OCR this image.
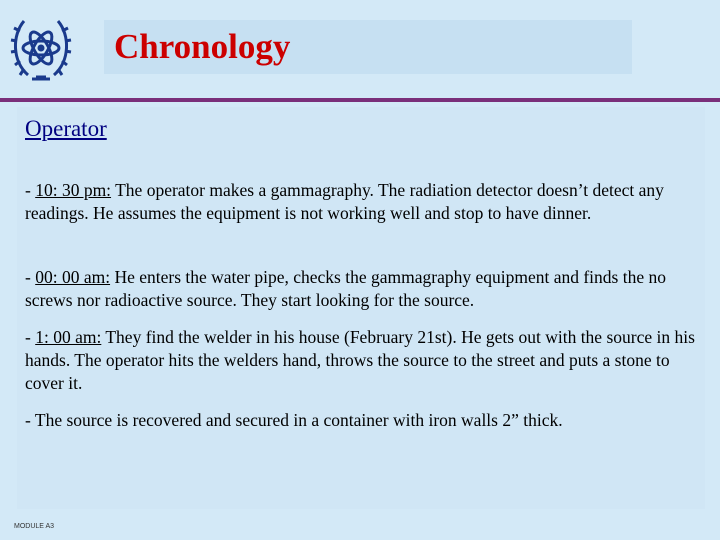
Chronology
Operator
- 10: 30 pm: The operator makes a gammagraphy. The radiation detector doesn’t detect any readings. He assumes the equipment is not working well and stop to have dinner.
- 00: 00 am: He enters the water pipe, checks the gammagraphy equipment and finds the no screws nor radioactive source. They start looking for the source.
- 1: 00 am: They find the welder in his house (February 21st). He gets out with the source in his hands. The operator hits the welders hand, throws the source to the street and puts a stone to cover it.
- The source is recovered and secured in a container with iron walls 2” thick.
MODULE A3
